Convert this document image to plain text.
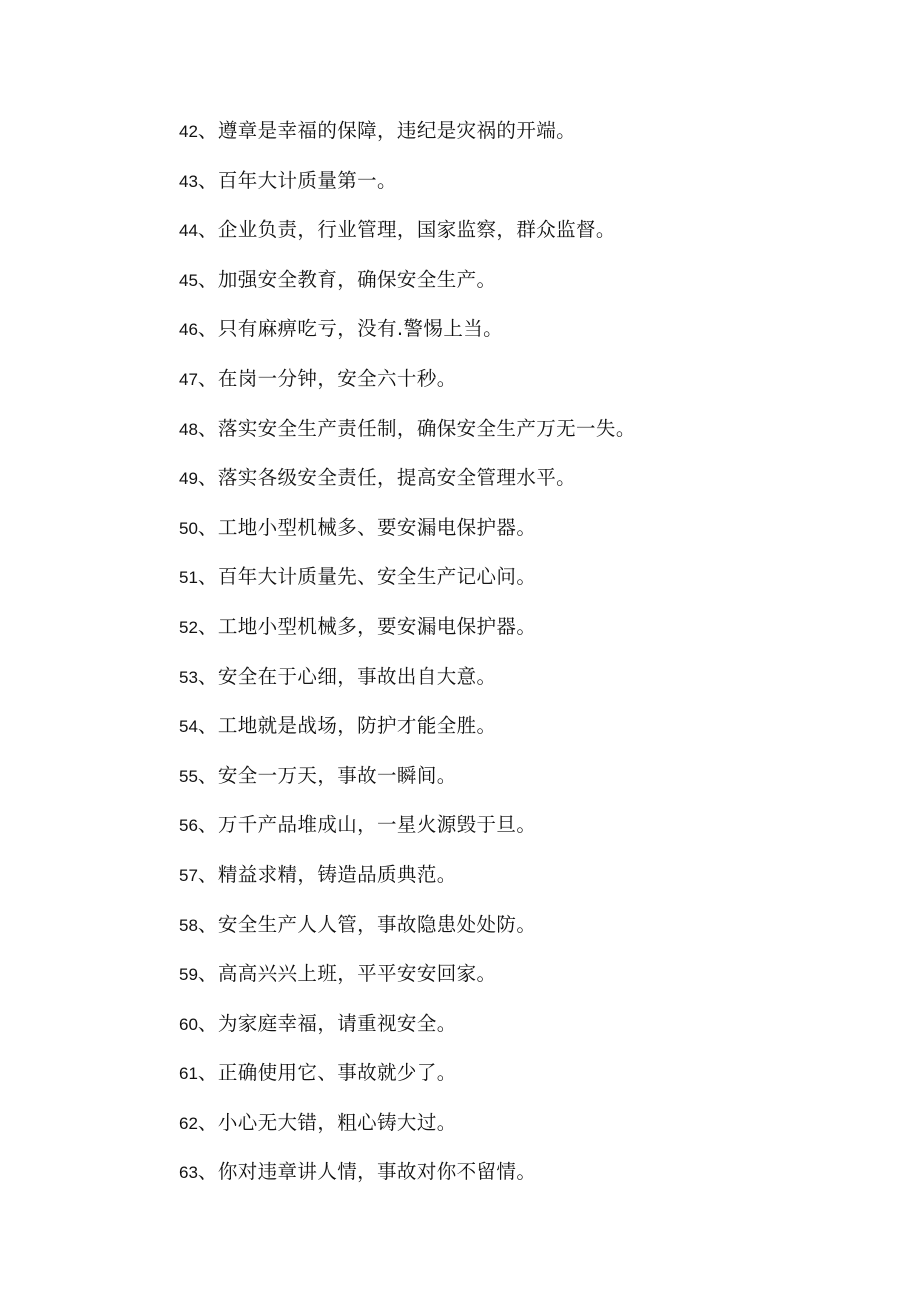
42、遵章是幸福的保障，违纪是灾祸的开端。
43、百年大计质量第一。
44、企业负责，行业管理，国家监察，群众监督。
45、加强安全教育，确保安全生产。
46、只有麻痹吃亏，没有.警惕上当。
47、在岗一分钟，安全六十秒。
48、落实安全生产责任制，确保安全生产万无一失。
49、落实各级安全责任，提高安全管理水平。
50、工地小型机械多、要安漏电保护器。
51、百年大计质量先、安全生产记心问。
52、工地小型机械多，要安漏电保护器。
53、安全在于心细，事故出自大意。
54、工地就是战场，防护才能全胜。
55、安全一万天，事故一瞬间。
56、万千产品堆成山，一星火源毁于旦。
57、精益求精，铸造品质典范。
58、安全生产人人管，事故隐患处处防。
59、高高兴兴上班，平平安安回家。
60、为家庭幸福，请重视安全。
61、正确使用它、事故就少了。
62、小心无大错，粗心铸大过。
63、你对违章讲人情，事故对你不留情。
